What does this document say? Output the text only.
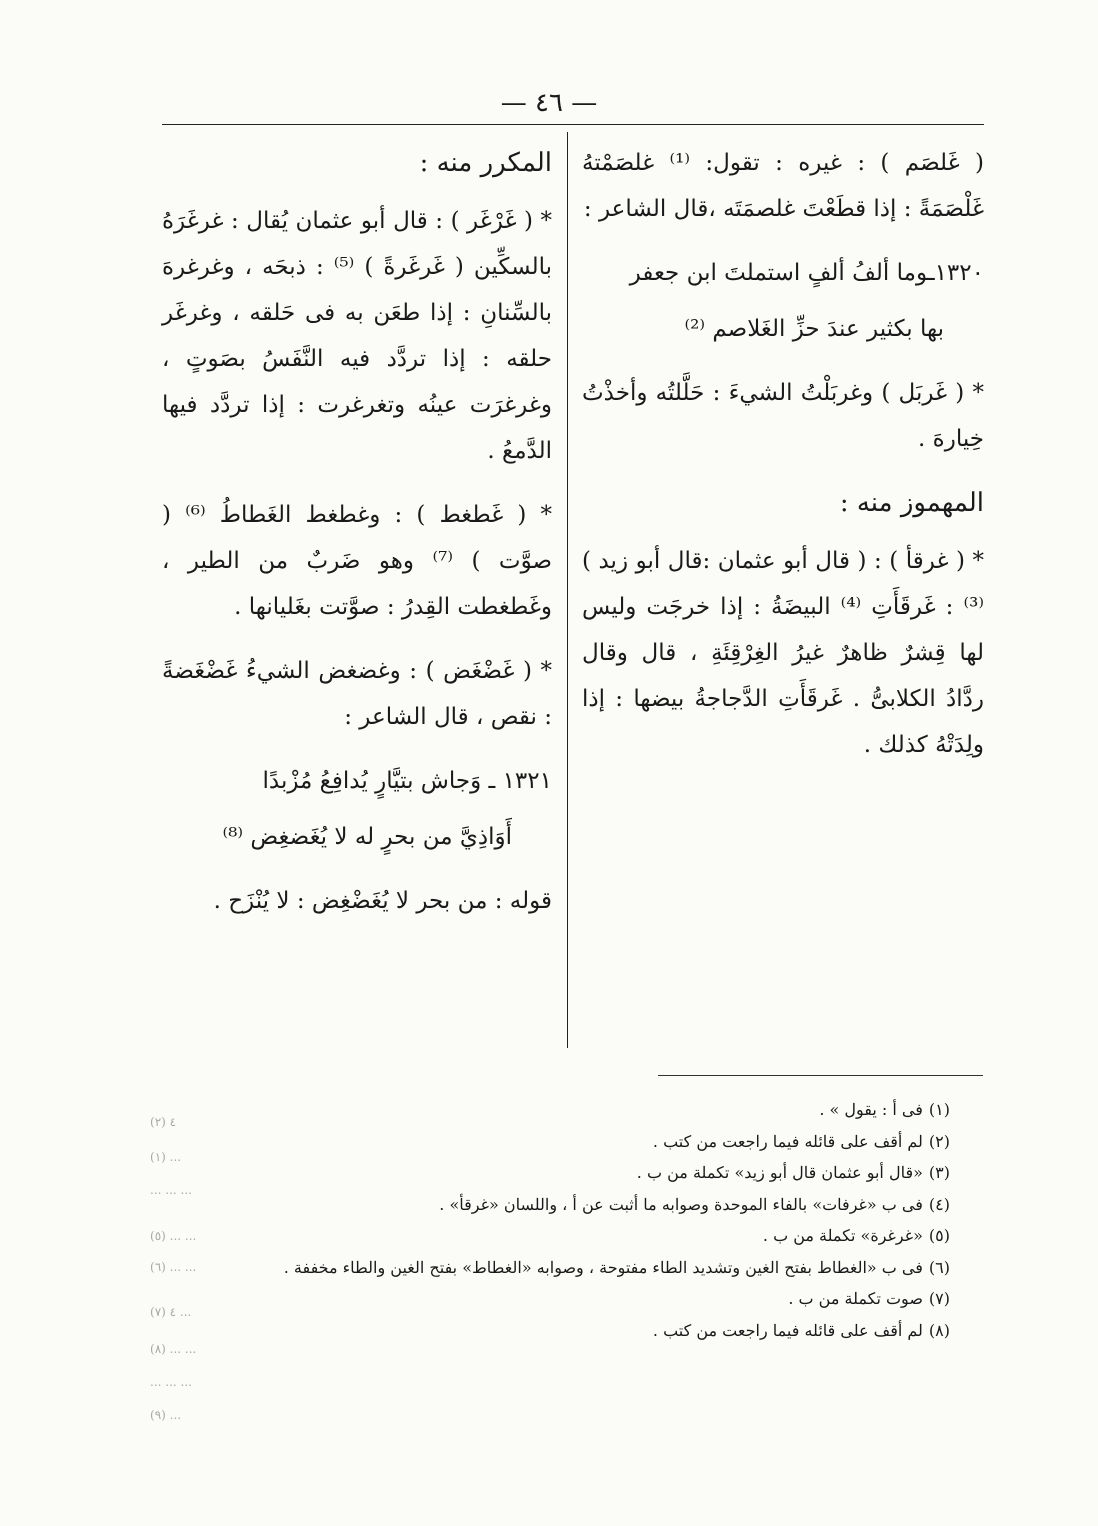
— ٤٦ —

( غَلصَم ) : غيره : تقول: ⁽¹⁾ غلصَمْتهُ غَلْصَمَةً : إذا قطَعْتَ غلصمَتَه ،قال الشاعر :

١٣٢٠ـوما ألفُ ألفٍ استملتَ ابن جعفر

بها بكثير عندَ حزِّ الغَلاصم ⁽²⁾

* ( غَربَل ) وغربَلْتُ الشيءَ : حَلَّلتُه وأخذْتُ خِيارهَ .

المهموز منه :

* ( غرقأ ) : ( قال أبو عثمان :قال أبو زيد ) ⁽³⁾ : غَرقَأَتِ ⁽⁴⁾ البيضَةُ : إذا خرجَت وليس لها قِشرٌ ظاهرٌ غيرُ الغِرْقِئَةِ ، قال وقال ردَّادُ الكلابىُّ . غَرقَأَتِ الدَّجاجةُ بيضها : إذا ولِدَتْهُ كذلك .

المكرر منه :

* ( غَرْغَر ) : قال أبو عثمان يُقال : غرغَرَهُ بالسكِّين ( غَرغَرةً ) ⁽⁵⁾ : ذبحَه ، وغرغرهَ بالسِّنانِ : إذا طعَن به فى حَلقه ، وغرغَر حلقه : إذا تردَّد فيه النَّفَسُ بصَوتٍ ، وغرغرَت عينُه وتغرغرت : إذا تردَّد فيها الدَّمعُ .

* ( غَطغط ) : وغطغط الغَطاطُ ⁽⁶⁾ ( صوَّت ) ⁽⁷⁾ وهو ضَربٌ من الطير ، وغَطغطت القِدرُ : صوَّتت بغَليانها .

* ( غَضْغَض ) : وغضغض الشيءُ غَضْغَضةً : نقص ، قال الشاعر :

١٣٢١ ـ وَجاش بتيَّارٍ يُدافِعُ مُزْبدًا

أَوَاذِيَّ من بحرٍ له لا يُغَضغِض ⁽⁸⁾

قوله : من بحر لا يُغَضْغِض : لا يُنْزَح .

(١)فى أ : يقول » .
(٢)لم أقف على قائله فيما راجعت من كتب .
(٣)«قال أبو عثمان قال أبو زيد» تكملة من ب .
(٤)فى ب «غرفات» بالفاء الموحدة وصوابه ما أثبت عن أ ، واللسان «غرقأ» .
(٥)«غرغرة» تكملة من ب .
(٦)فى ب «الغطاط بفتح الغين وتشديد الطاء مفتوحة ، وصوابه «الغطاط» بفتح الغين والطاء مخففة .
(٧)صوت تكملة من ب .
(٨)لم أقف على قائله فيما راجعت من كتب .
(٢) ٤
(١) ...
... ... ...
(٥) ... ...
(٦) ... ...
(٧) ٤ ...
(٨) ... ...
... ... ...
(٩) ...
